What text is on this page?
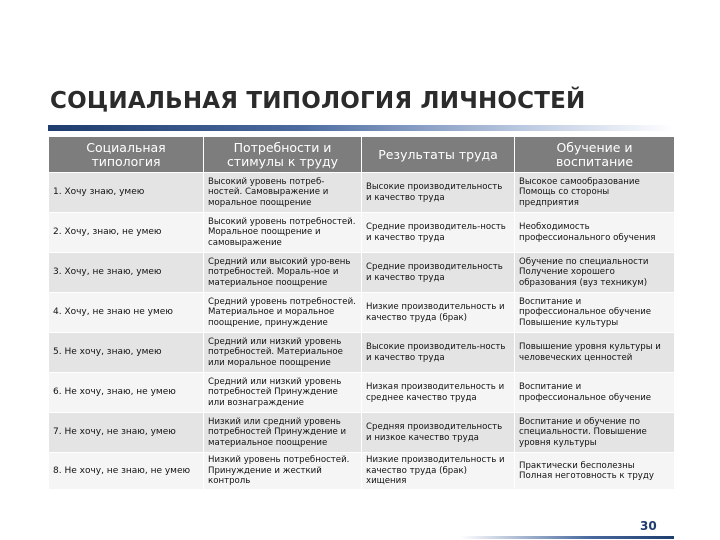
СОЦИАЛЬНАЯ ТИПОЛОГИЯ ЛИЧНОСТЕЙ
Социальная типология	Потребности и стимулы к труду	Результаты труда	Обучение и воспитание
1. Хочу знаю, умею	Высокий уровень потреб-ностей. Самовыражение и моральное поощрение	Высокие производительность и качество труда	Высокое самообразование Помощь со стороны предприятия
2. Хочу, знаю, не умею	Высокий уровень потребностей. Моральное поощрение и самовыражение	Средние производитель-ность и качество труда	Необходимость профессионального обучения
3. Хочу, не знаю, умею	Средний или высокий уро-вень потребностей. Мораль-ное и материальное поощрение	Средние производительность и качество труда	Обучение по специальности Получение хорошего образования (вуз техникум)
4. Хочу, не знаю не умею	Средний уровень потребностей. Материальное и моральное поощрение, принуждение	Низкие производительность и качество труда (брак)	Воспитание и профессиональное обучение Повышение культуры
5. Не хочу, знаю, умею	Средний или низкий уровень потребностей. Материальное или моральное поощрение	Высокие производитель-ность и качество труда	Повышение уровня культуры и человеческих ценностей
6. Не хочу, знаю, не умею	Средний или низкий уровень потребностей Принуждение или вознаграждение	Низкая производительность и среднее качество труда	Воспитание и профессиональное обучение
7. Не хочу, не знаю, умею	Низкий или средний уровень потребностей Принуждение и материальное поощрение	Средняя производительность и низкое качество труда	Воспитание и обучение по специальности. Повышение уровня культуры
8. Не хочу, не знаю, не умею	Низкий уровень потребностей. Принуждение и жесткий контроль	Низкие производительность и качество труда (брак) хищения	Практически бесполезны Полная неготовность к труду
30
